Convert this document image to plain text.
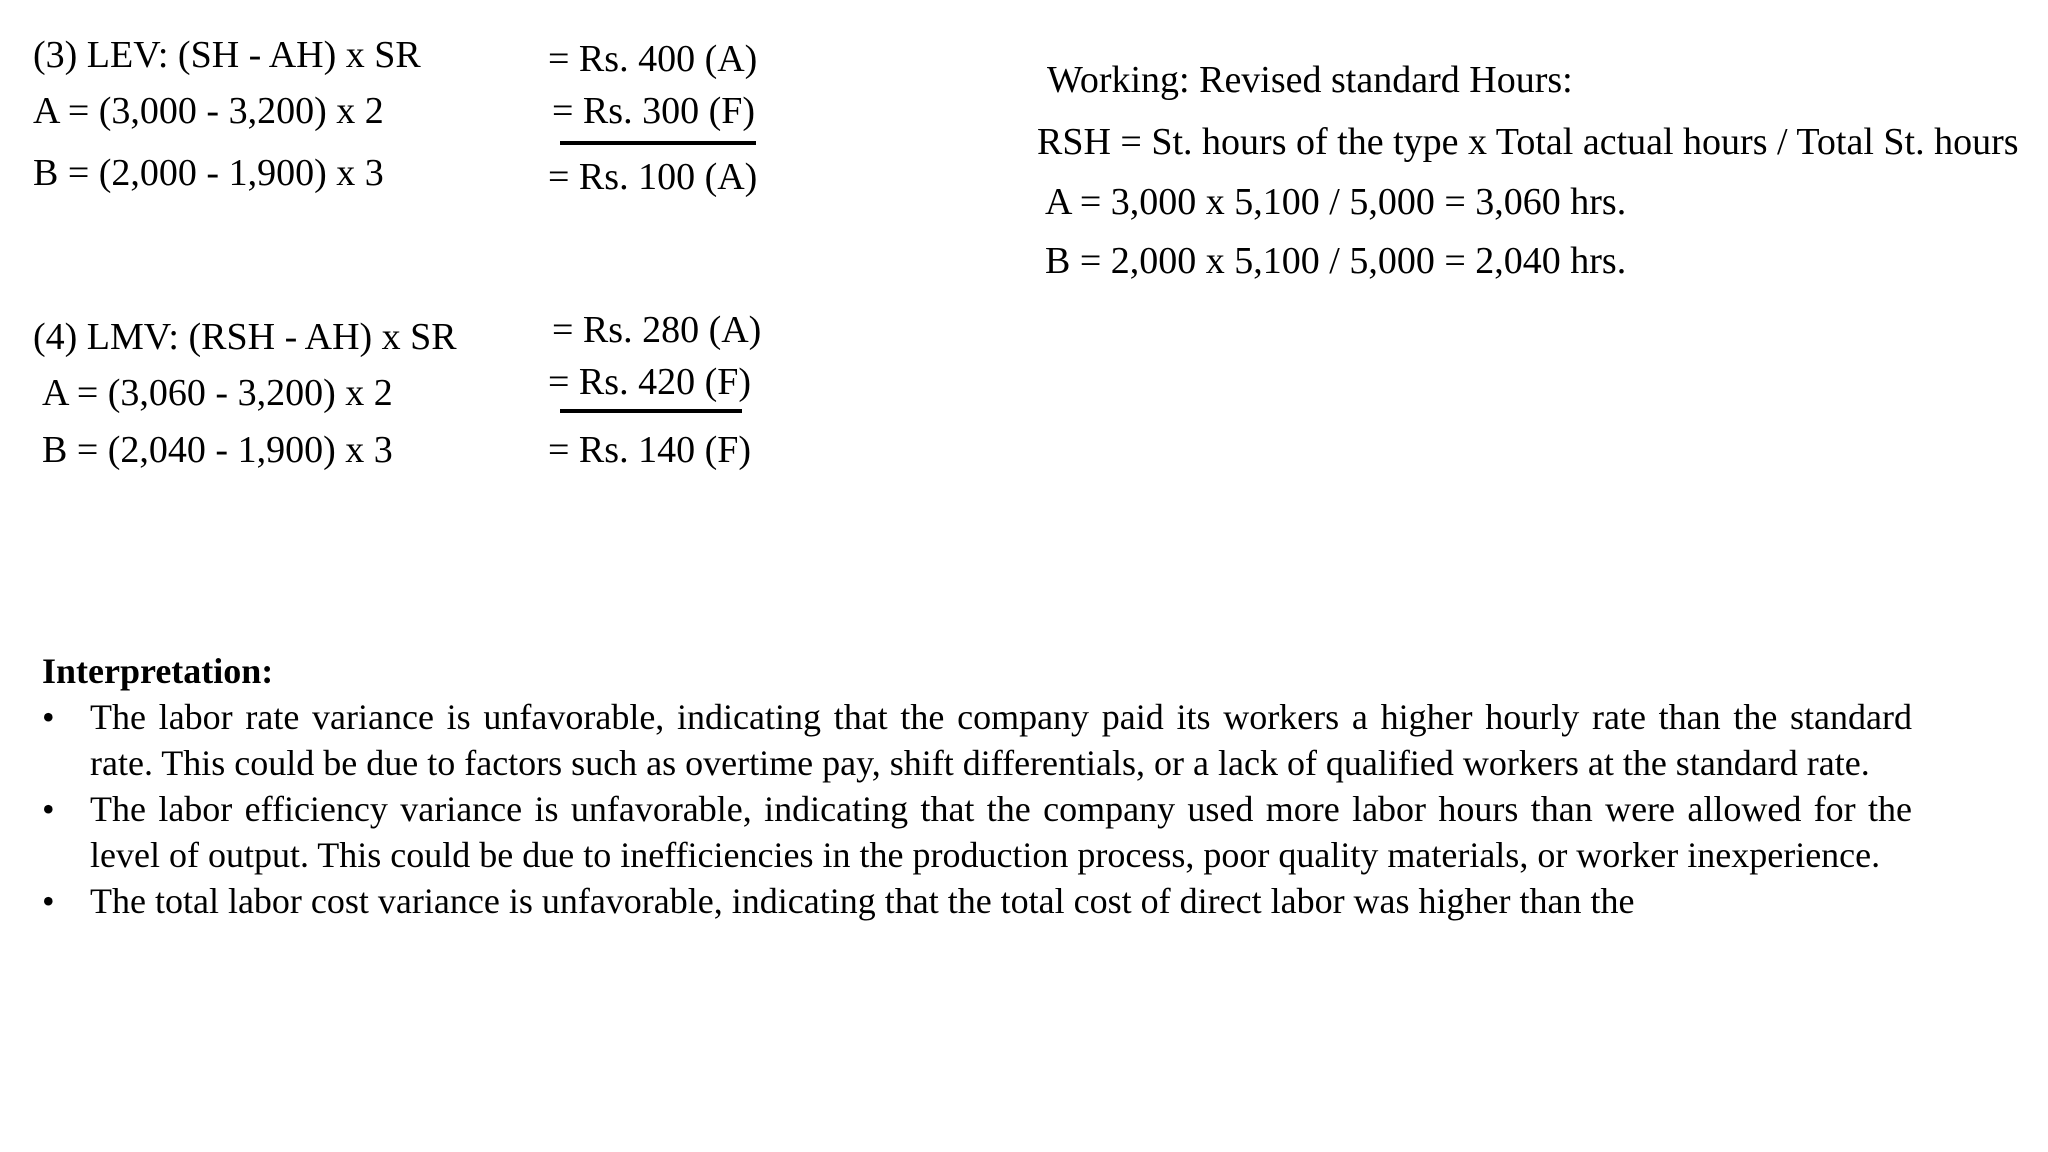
(3) LEV: (SH - AH) x SR
A = (3,000 - 3,200) x 2
B = (2,000 - 1,900) x 3
= Rs. 400 (A)
= Rs. 300 (F)
= Rs. 100 (A)
(4) LMV: (RSH - AH) x SR
A = (3,060 - 3,200) x 2
B = (2,040 - 1,900) x 3
= Rs. 280 (A)
= Rs. 420 (F)
= Rs. 140 (F)
Working: Revised standard Hours:
RSH = St. hours of the type x Total actual hours / Total St. hours
A = 3,000 x 5,100 / 5,000 = 3,060 hrs.
B = 2,000 x 5,100 / 5,000 = 2,040 hrs.

Interpretation:

• The labor rate variance is unfavorable, indicating that the company paid its workers a higher hourly rate than the standard rate. This could be due to factors such as overtime pay, shift differentials, or a lack of qualified workers at the standard rate.
• The labor efficiency variance is unfavorable, indicating that the company used more labor hours than were allowed for the level of output. This could be due to inefficiencies in the production process, poor quality materials, or worker inexperience.
• The total labor cost variance is unfavorable, indicating that the total cost of direct labor was higher than the
